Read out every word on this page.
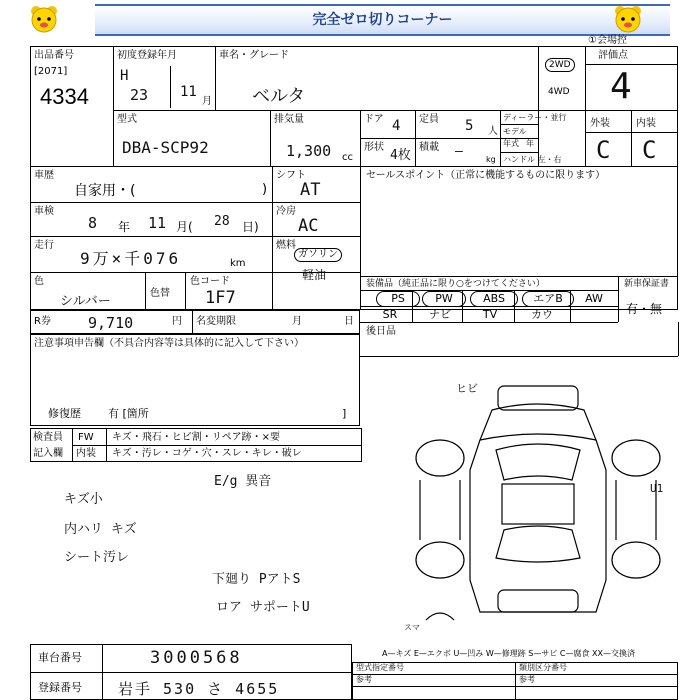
完全ゼロ切りコーナー
①会場控
出品番号
[2071]
4334
初度登録年月
H
23 11
月
車名・グレード
ベルタ
2WD
4WD
評価点
4
型式
DBA-SCP92
排気量
1,300 cc
ドア 4 定員 5 人
ディーラー・並行
モデル
年式 年
ハンドル 左・右
形状
4枚
積載 —
kg
外装	内装
C C
車歴
自家用・(	)
シフト
AT
セールスポイント（正常に機能するものに限ります）
車検
8 年 11 月( 28 日)
冷房
AC
走行
9万×千076	km
燃料
ガソリン
軽油
色
シルバー
色替
色コード
1F7
装備品（純正品に限り○をつけてください）	新車保証書
有・無
PS	PW	ABS	エアB	AW
SR	ナビ	TV	カウ
後日品
R券 9,710	円 名変期限	月	日
注意事項申告欄（不具合内容等は具体的に記入して下さい）
修復歴 有 [箇所	]
検査員
記入欄
FW キズ・飛石・ヒビ割・リペア跡・×要
内装 キズ・汚レ・コゲ・穴・スレ・キレ・破レ
E/g 異音
キズ小
内ハリ キズ
シート汚レ
下廻り PアトS
ロア サポートU
ヒビ
U1
スマ
A—キズ E—エクボ U—凹み W—修理跡 S—サビ C—腐食 XX—交換済
車台番号	3000568
登録番号 岩手 530 さ 4655
型式指定番号
参考
類別区分番号
参考
